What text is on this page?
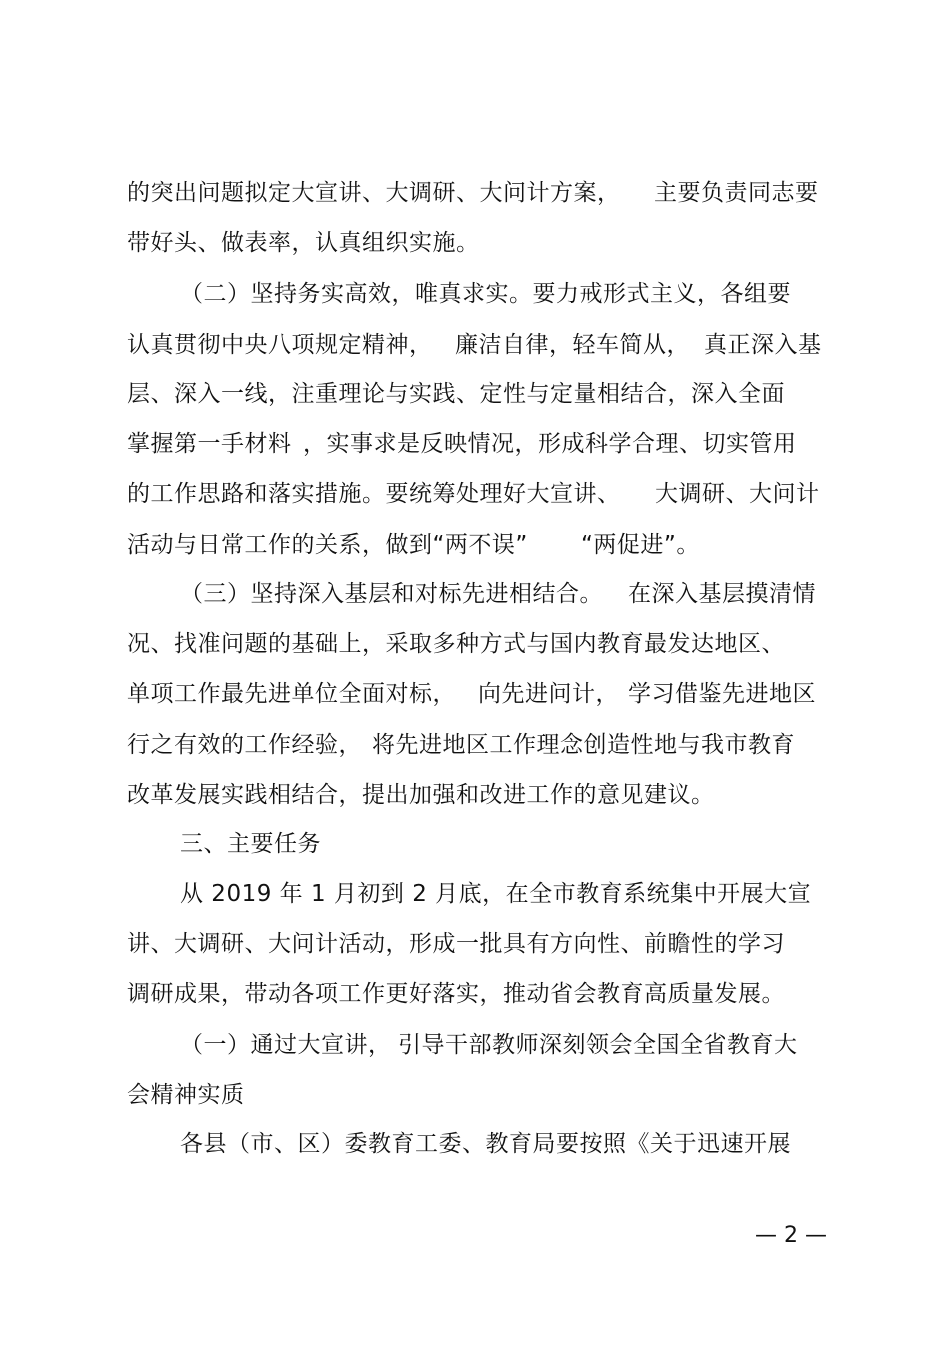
的突出问题拟定大宣讲、大调研、大问计方案， 主要负责同志要
带好头、做表率，认真组织实施。
（二）坚持务实高效，唯真求实。要力戒形式主义，各组要
认真贯彻中央八项规定精神， 廉洁自律，轻车简从， 真正深入基
层、深入一线，注重理论与实践、定性与定量相结合，深入全面
掌握第一手材料 ，实事求是反映情况，形成科学合理、切实管用
的工作思路和落实措施。要统筹处理好大宣讲、 大调研、大问计
活动与日常工作的关系，做到“两不误” “两促进”。
（三）坚持深入基层和对标先进相结合。 在深入基层摸清情
况、找准问题的基础上，采取多种方式与国内教育最发达地区、
单项工作最先进单位全面对标， 向先进问计， 学习借鉴先进地区
行之有效的工作经验， 将先进地区工作理念创造性地与我市教育
改革发展实践相结合，提出加强和改进工作的意见建议。
三、主要任务
从 2019 年 1 月初到 2 月底，在全市教育系统集中开展大宣
讲、大调研、大问计活动，形成一批具有方向性、前瞻性的学习
调研成果，带动各项工作更好落实，推动省会教育高质量发展。
（一）通过大宣讲， 引导干部教师深刻领会全国全省教育大
会精神实质
各县（市、区）委教育工委、教育局要按照《关于迅速开展
— 2 —
